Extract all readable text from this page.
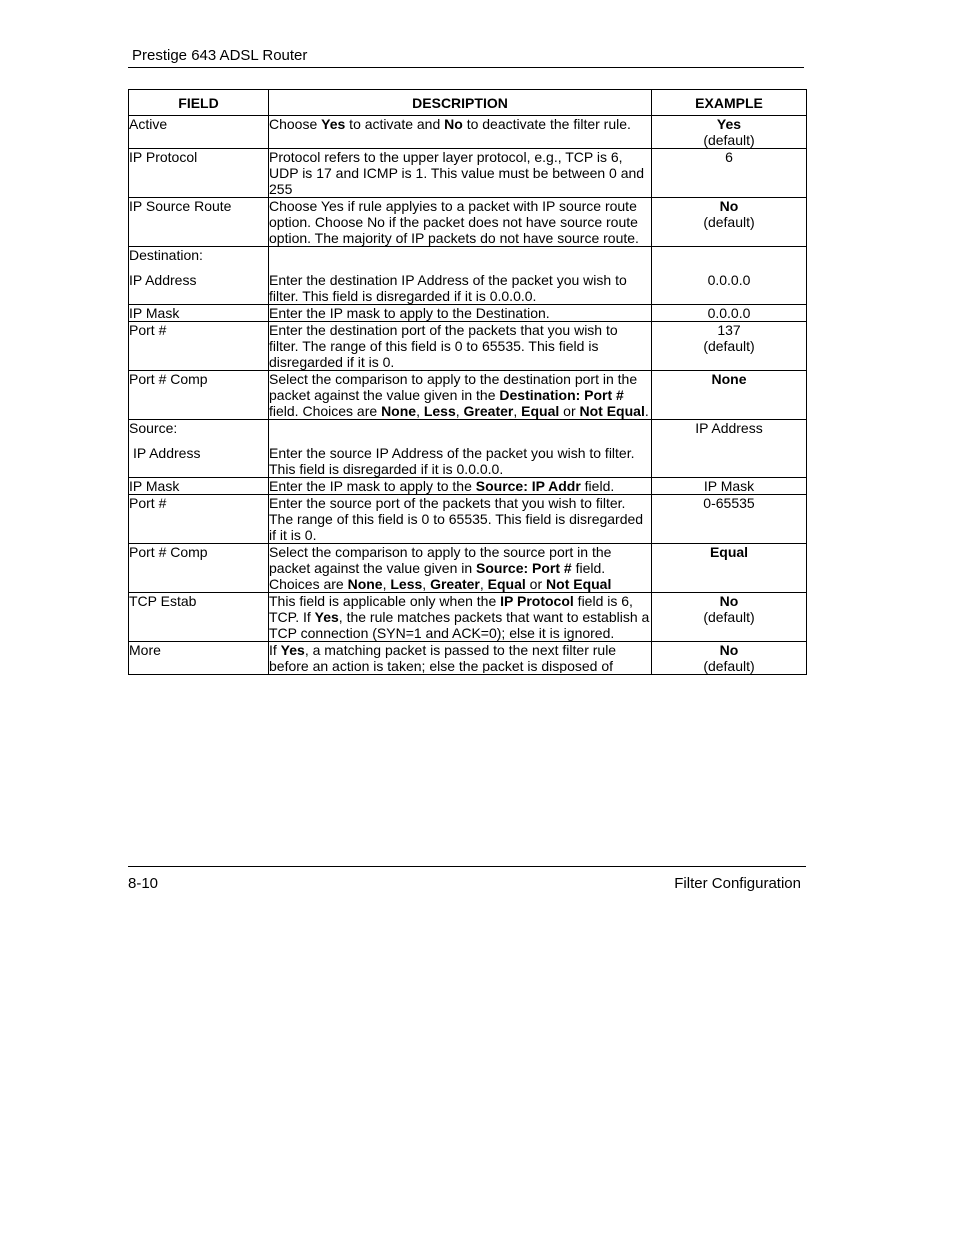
Prestige 643 ADSL Router
FIELD	DESCRIPTION	EXAMPLE
Active	Choose Yes to activate and No to deactivate the filter rule.	Yes
(default)
IP Protocol	Protocol refers to the upper layer protocol, e.g., TCP is 6, UDP is 17 and ICMP is 1. This value must be between 0 and 255	6
IP Source Route	Choose Yes if rule applyies to a packet with IP source route option. Choose No if the packet does not have source route option. The majority of IP packets do not have source route.	No
(default)
Destination:
IP Address	Enter the destination IP Address of the packet you wish to filter. This field is disregarded if it is 0.0.0.0.	0.0.0.0
IP Mask	Enter the IP mask to apply to the Destination.	0.0.0.0
Port #	Enter the destination port of the packets that you wish to filter. The range of this field is 0 to 65535. This field is disregarded if it is 0.	137
(default)
Port # Comp	Select the comparison to apply to the destination port in the packet against the value given in the Destination: Port # field. Choices are None, Less, Greater, Equal or Not Equal.	None
Source:
IP Address	Enter the source IP Address of the packet you wish to filter. This field is disregarded if it is 0.0.0.0.	IP Address
IP Mask	Enter the IP mask to apply to the Source: IP Addr field.	IP Mask
Port #	Enter the source port of the packets that you wish to filter. The range of this field is 0 to 65535. This field is disregarded if it is 0.	0-65535
Port # Comp	Select the comparison to apply to the source port in the packet against the value given in Source: Port # field. Choices are None, Less, Greater, Equal or Not Equal	Equal
TCP Estab	This field is applicable only when the IP Protocol field is 6, TCP. If Yes, the rule matches packets that want to establish a TCP connection (SYN=1 and ACK=0); else it is ignored.	No
(default)
More	If Yes, a matching packet is passed to the next filter rule before an action is taken; else the packet is disposed of	No
(default)
8-10	Filter Configuration
